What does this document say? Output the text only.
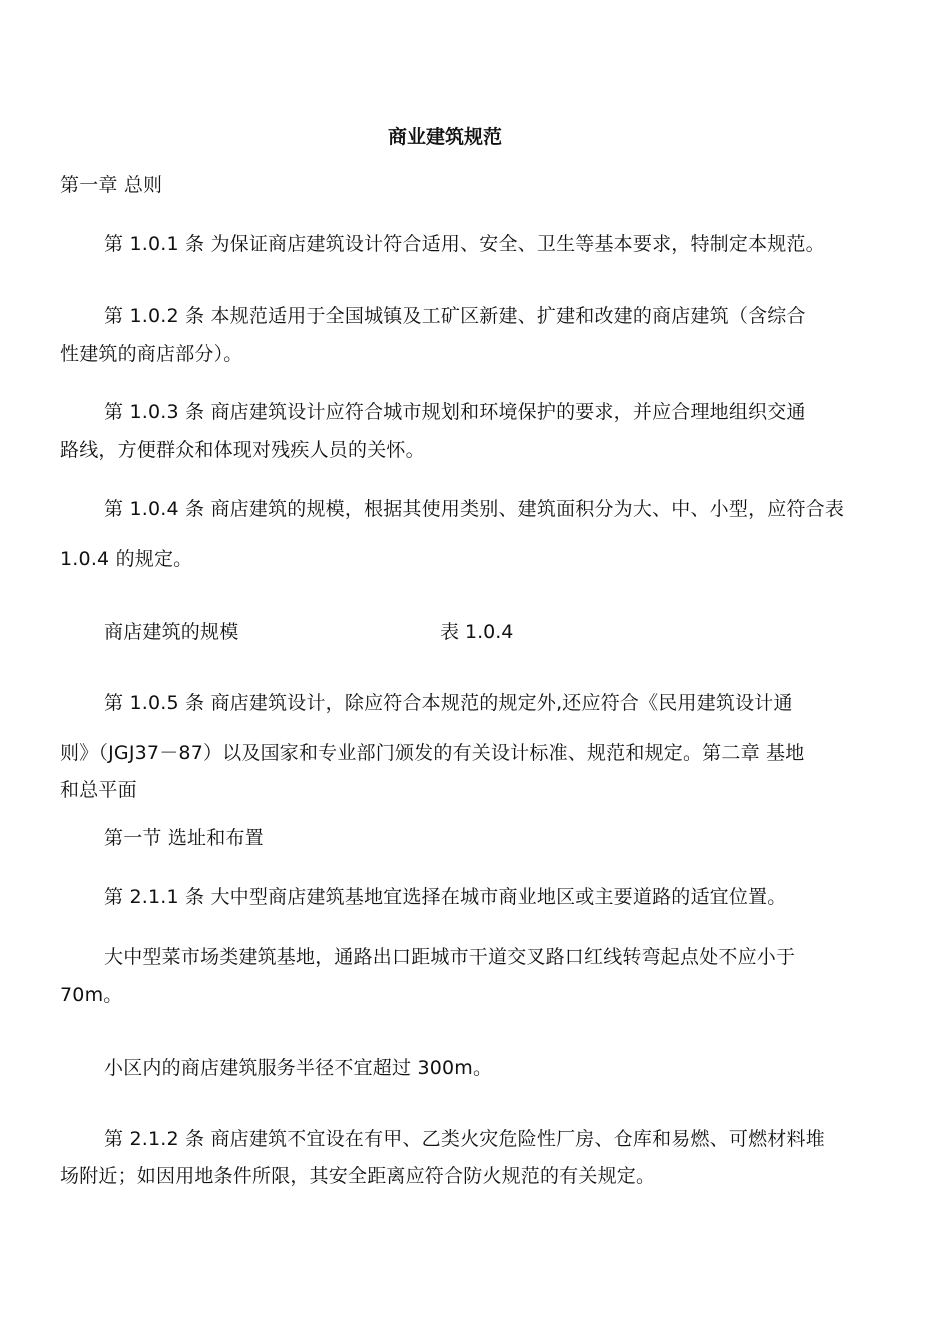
商业建筑规范
第一章 总则
第 1.0.1 条 为保证商店建筑设计符合适用、安全、卫生等基本要求，特制定本规范。
第 1.0.2 条 本规范适用于全国城镇及工矿区新建、扩建和改建的商店建筑（含综合
性建筑的商店部分）。
第 1.0.3 条 商店建筑设计应符合城市规划和环境保护的要求，并应合理地组织交通
路线，方便群众和体现对残疾人员的关怀。
第 1.0.4 条 商店建筑的规模，根据其使用类别、建筑面积分为大、中、小型，应符合表
1.0.4 的规定。
商店建筑的规模	表 1.0.4
第 1.0.5 条 商店建筑设计，除应符合本规范的规定外,还应符合《民用建筑设计通
则》（JGJ37－87）以及国家和专业部门颁发的有关设计标准、规范和规定。第二章 基地
和总平面
第一节 选址和布置
第 2.1.1 条 大中型商店建筑基地宜选择在城市商业地区或主要道路的适宜位置。
大中型菜市场类建筑基地，通路出口距城市干道交叉路口红线转弯起点处不应小于
70m。
小区内的商店建筑服务半径不宜超过 300m。
第 2.1.2 条 商店建筑不宜设在有甲、乙类火灾危险性厂房、仓库和易燃、可燃材料堆
场附近；如因用地条件所限，其安全距离应符合防火规范的有关规定。
